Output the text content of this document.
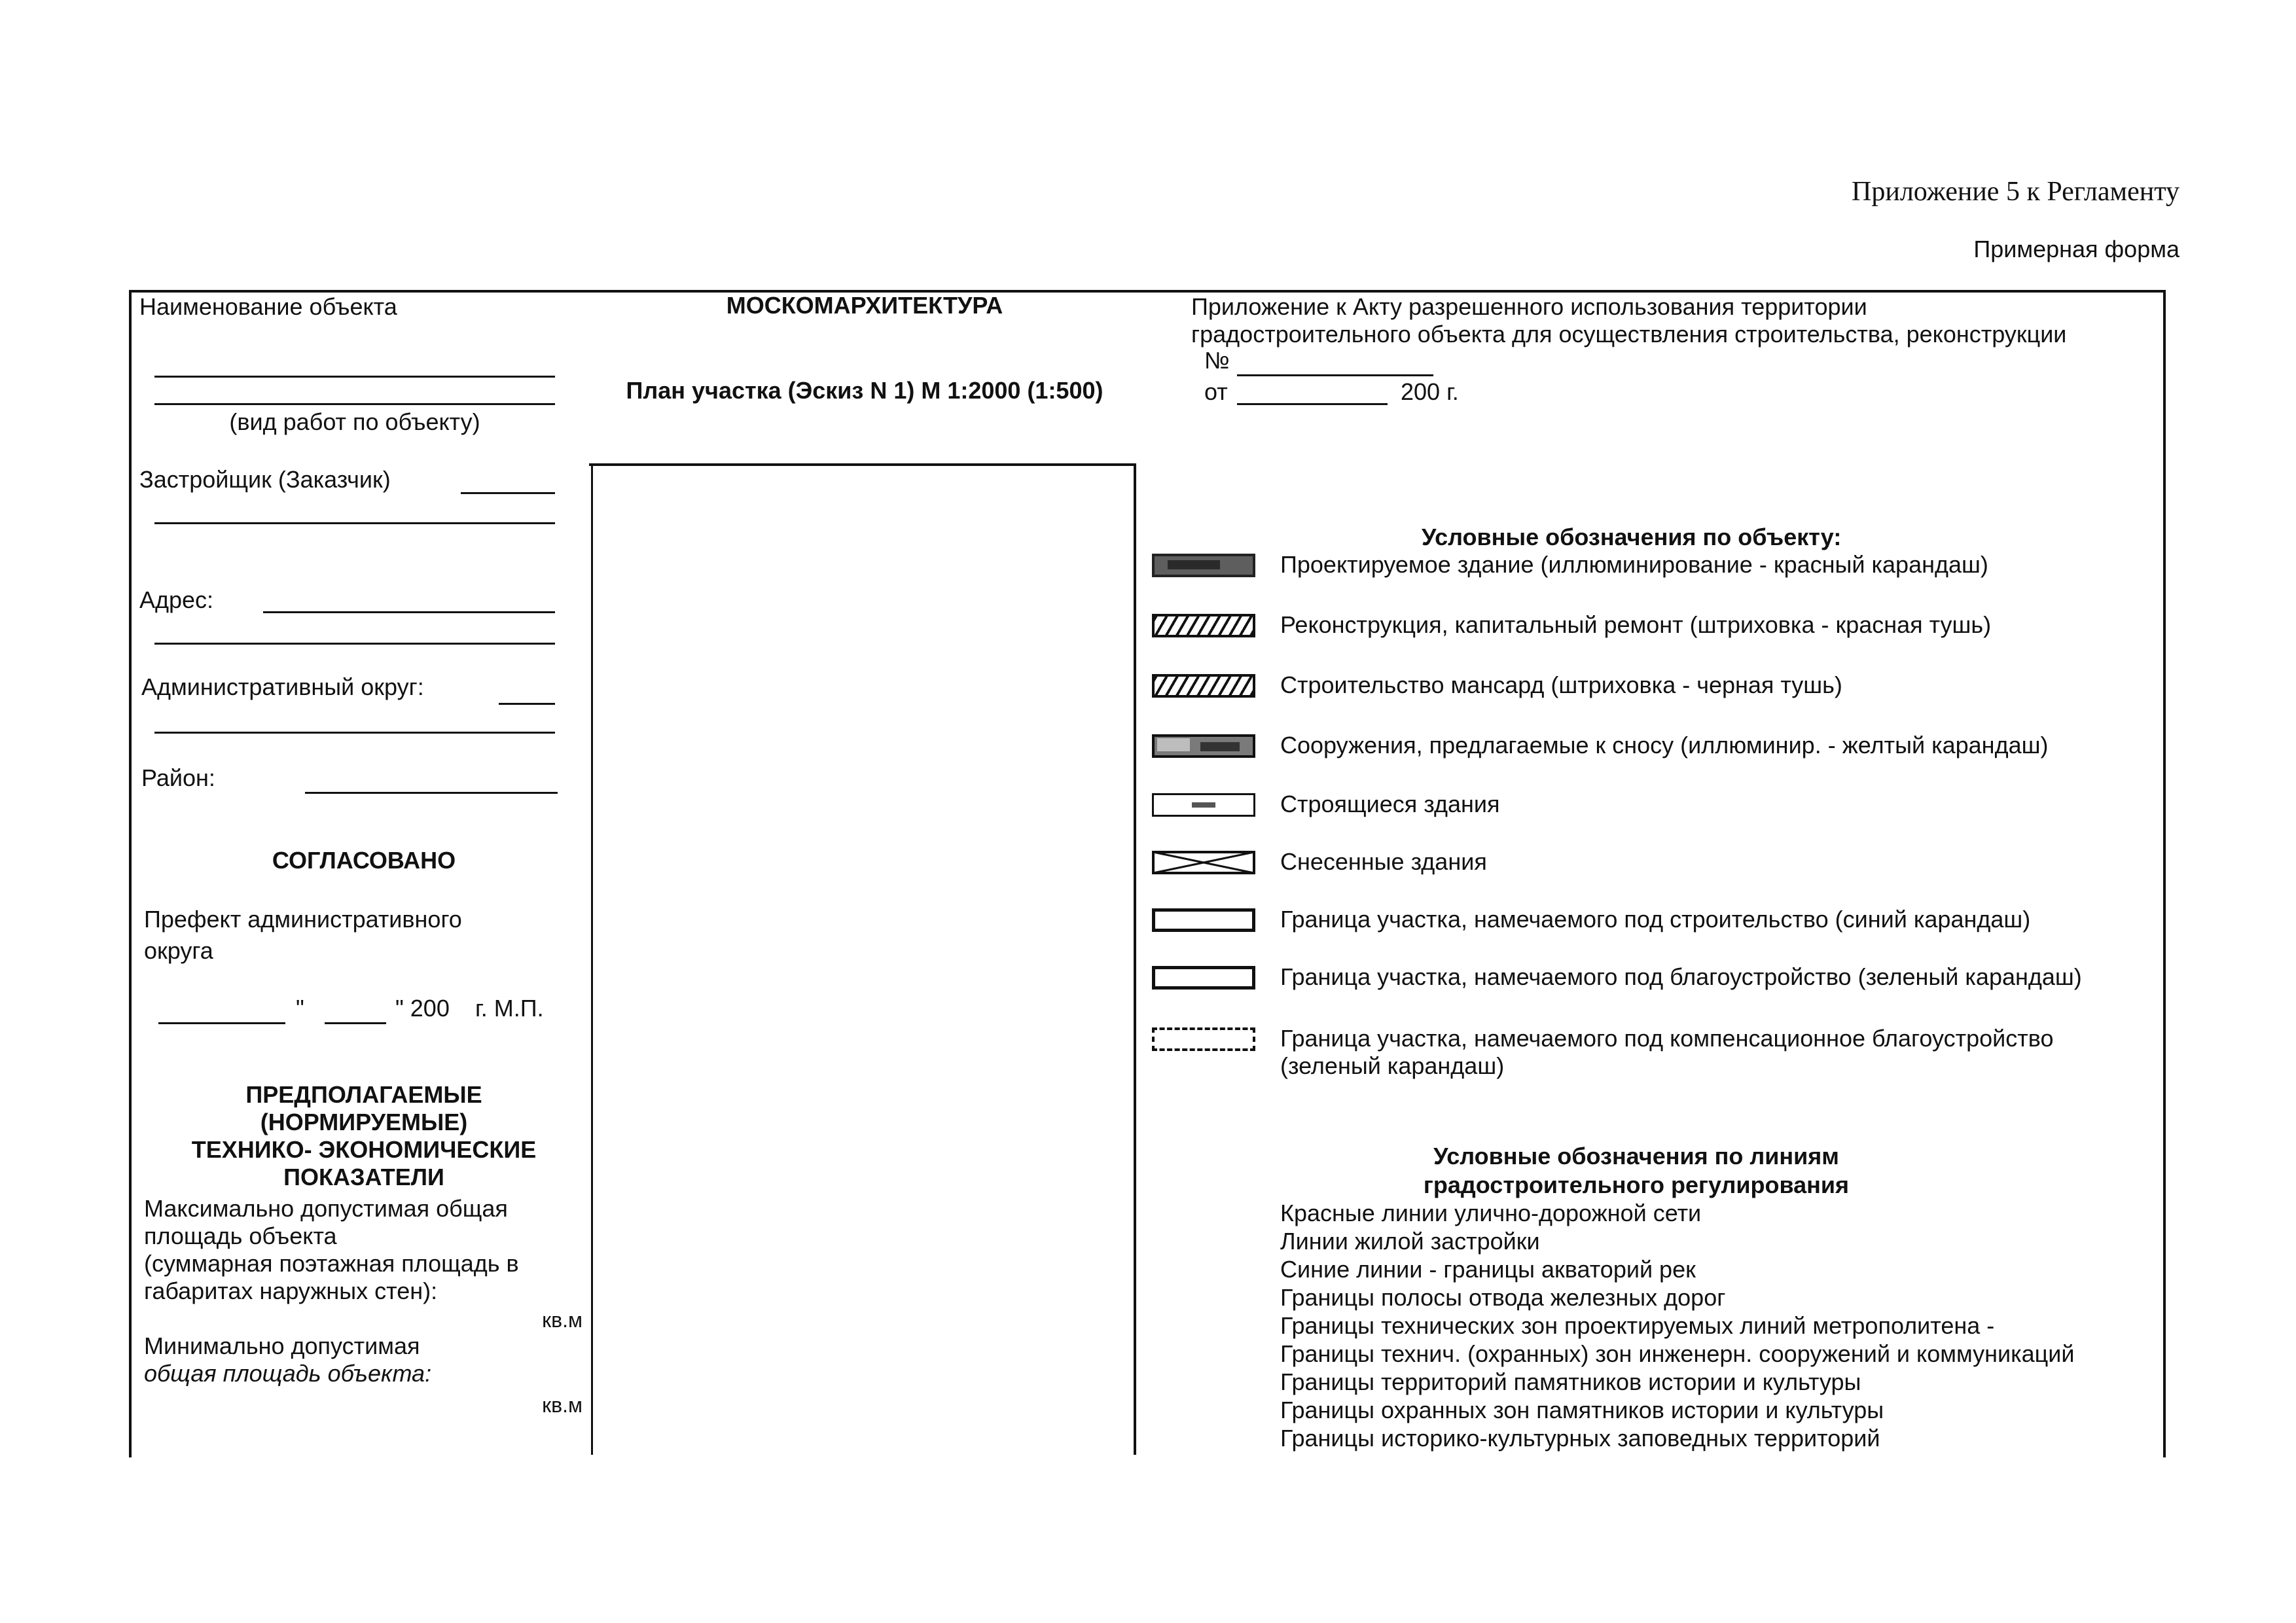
Приложение 5 к Регламенту
Примерная форма
Наименование объекта
(вид работ по объекту)
Застройщик (Заказчик)
Адрес:
Административный округ:
Район:
СОГЛАСОВАНО
Префект административного
округа
"	" 200 г. М.П.
ПРЕДПОЛАГАЕМЫЕ
(НОРМИРУЕМЫЕ)
ТЕХНИКО- ЭКОНОМИЧЕСКИЕ
ПОКАЗАТЕЛИ
Максимально допустимая общая
площадь объекта
(суммарная поэтажная площадь в
габаритах наружных стен):
кв.м
Минимально допустимая
общая площадь объекта:
кв.м
МОСКОМАРХИТЕКТУРА
План участка (Эскиз N 1) М 1:2000 (1:500)
Приложение к Акту разрешенного использования территории
градостроительного объекта для осуществления строительства, реконструкции
№
от	200 г.
Условные обозначения по объекту:
Проектируемое здание (иллюминирование - красный карандаш)
Реконструкция, капитальный ремонт (штриховка - красная тушь)
Строительство мансард (штриховка - черная тушь)
Сооружения, предлагаемые к сносу (иллюминир. - желтый карандаш)
Строящиеся здания
Снесенные здания
Граница участка, намечаемого под строительство (синий карандаш)
Граница участка, намечаемого под благоустройство (зеленый карандаш)
Граница участка, намечаемого под компенсационное благоустройство
(зеленый карандаш)
Условные обозначения по линиям
градостроительного регулирования
Красные линии улично-дорожной сети
Линии жилой застройки
Синие линии - границы акваторий рек
Границы полосы отвода железных дорог
Границы технических зон проектируемых линий метрополитена -
Границы технич. (охранных) зон инженерн. сооружений и коммуникаций
Границы территорий памятников истории и культуры
Границы охранных зон памятников истории и культуры
Границы историко-культурных заповедных территорий
